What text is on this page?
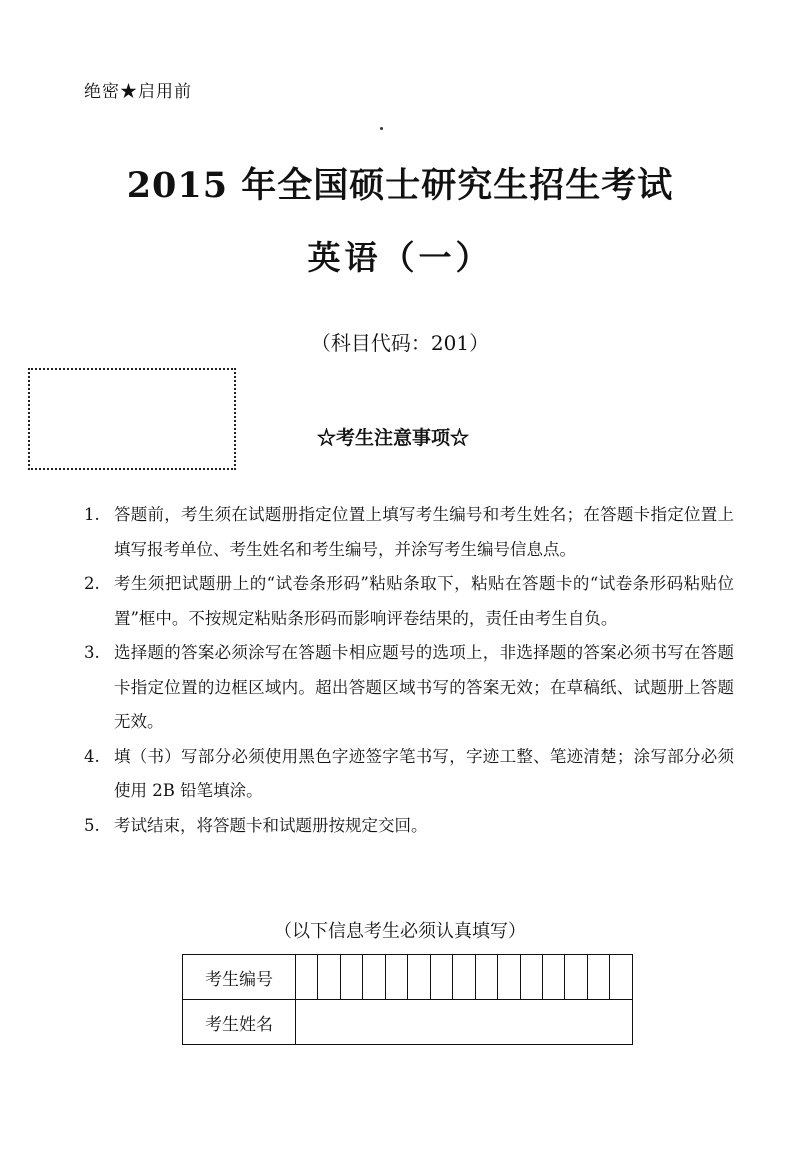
绝密★启用前
2015 年全国硕士研究生招生考试
英语（一）
（科目代码：201）
☆考生注意事项☆
1. 答题前，考生须在试题册指定位置上填写考生编号和考生姓名；在答题卡指定位置上填写报考单位、考生姓名和考生编号，并涂写考生编号信息点。
2. 考生须把试题册上的“试卷条形码”粘贴条取下，粘贴在答题卡的“试卷条形码粘贴位置”框中。不按规定粘贴条形码而影响评卷结果的，责任由考生自负。
3. 选择题的答案必须涂写在答题卡相应题号的选项上，非选择题的答案必须书写在答题卡指定位置的边框区域内。超出答题区域书写的答案无效；在草稿纸、试题册上答题无效。
4. 填（书）写部分必须使用黑色字迹签字笔书写，字迹工整、笔迹清楚；涂写部分必须使用 2B 铅笔填涂。
5. 考试结束，将答题卡和试题册按规定交回。
（以下信息考生必须认真填写）
考生编号															
考生姓名															
